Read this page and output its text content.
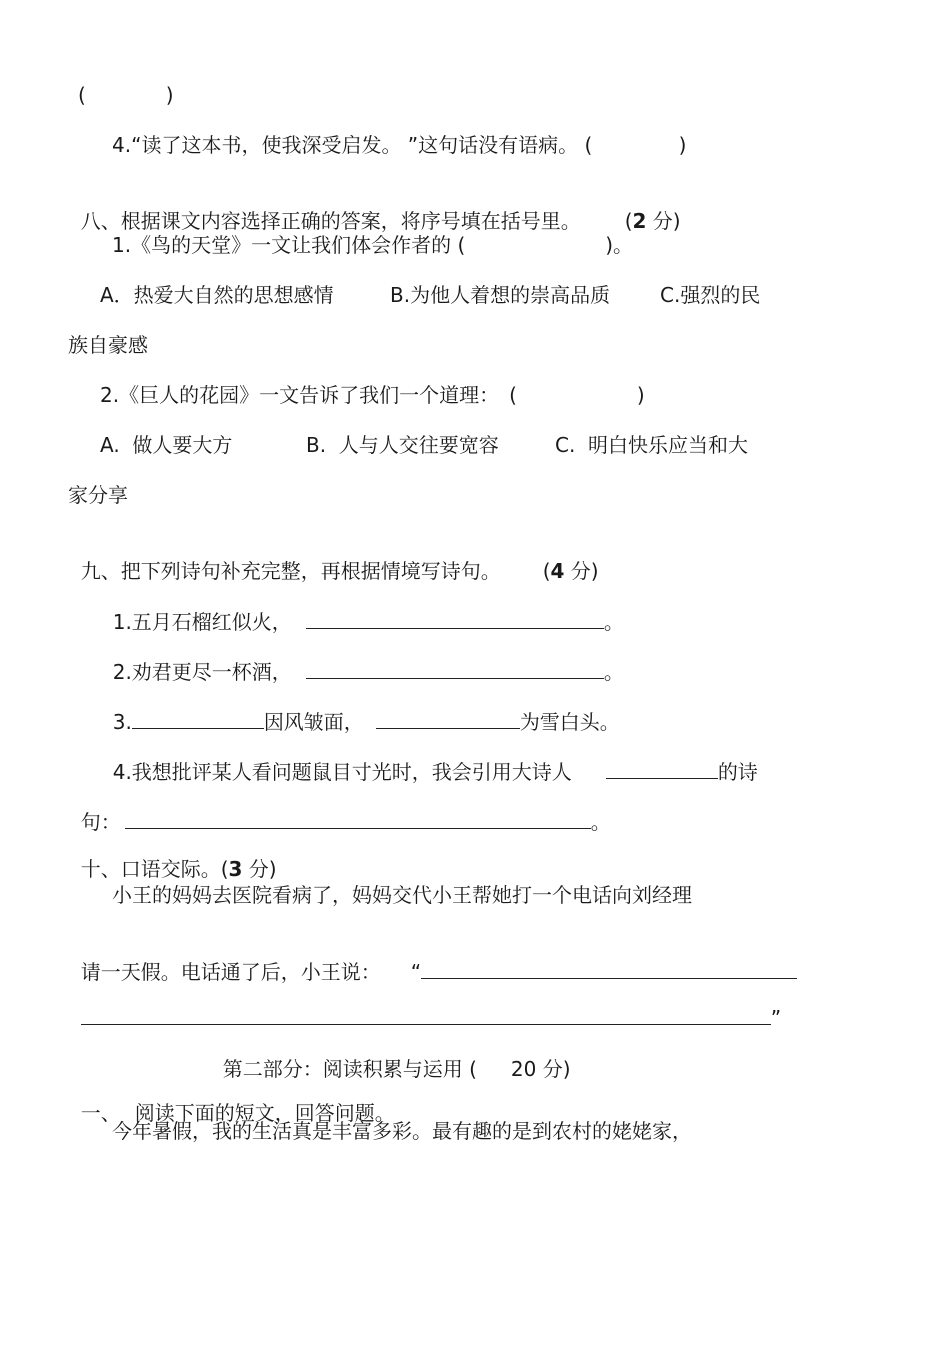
(　　　　)
4.“读了这本书，使我深受启发。 ”这句话没有语病。 (　　　　 )

八、根据课文内容选择正确的答案，将序号填在括号里。 (2 分)

1.《鸟的天堂》一文让我们体会作者的 (　　　　　　　)。
A．热爱大自然的思想感情	B.为他人着想的崇高品质 C.强烈的民
族自豪感
2.《巨人的花园》一文告诉了我们一个道理：　(　　　　　　)
A.  做人要大方	B.  人与人交往要宽容	C.  明白快乐应当和大
家分享

九、把下列诗句补充完整，再根据情境写诗句。 (4 分)

1.五月石榴红似火，	。

2.劝君更尽一杯酒，	。

3.	因风皱面，	为雪白头。

4.我想批评某人看问题鼠目寸光时，我会引用大诗人	的诗

句：	。

十、口语交际。(3 分)

小王的妈妈去医院看病了，妈妈交代小王帮她打一个电话向刘经理

请一天假。电话通了后，小王说： “

”

第二部分：阅读积累与运用 ( 20 分)

一、 阅读下面的短文，回答问题。

今年暑假，我的生活真是丰富多彩。最有趣的是到农村的姥姥家，
